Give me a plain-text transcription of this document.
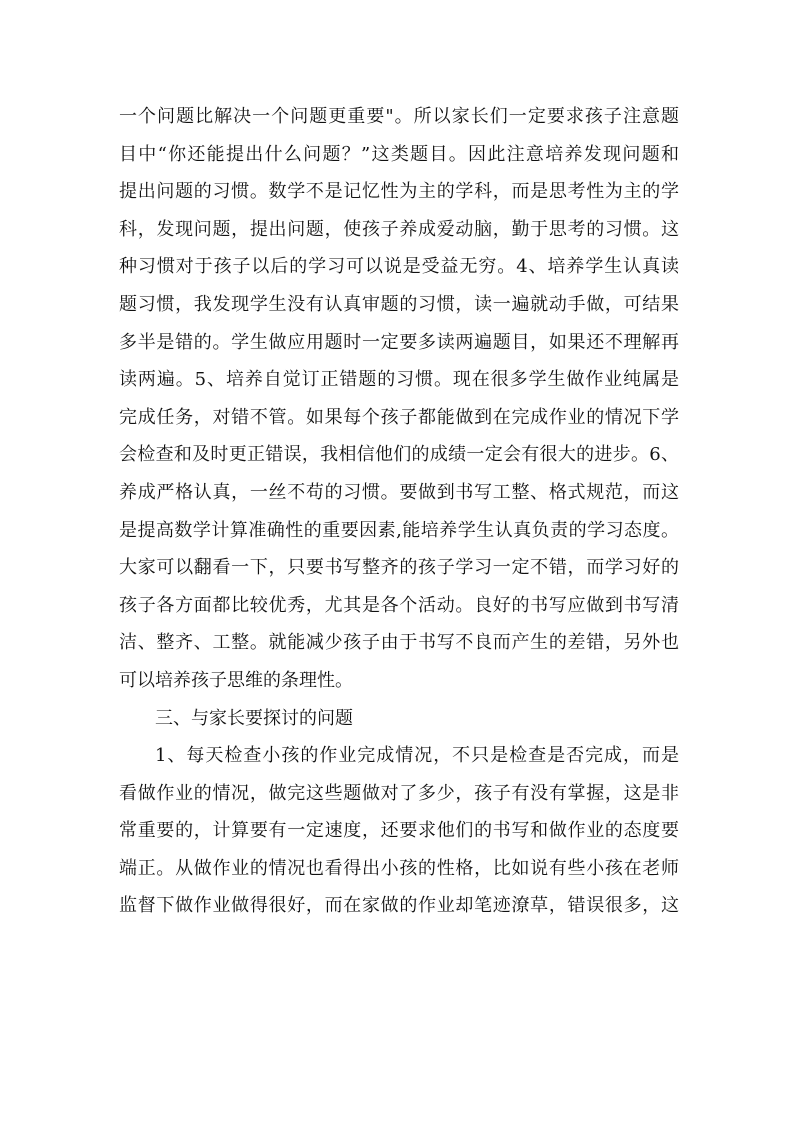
一个问题比解决一个问题更重要"。所以家长们一定要求孩子注意题
目中“你还能提出什么问题？”这类题目。因此注意培养发现问题和
提出问题的习惯。数学不是记忆性为主的学科，而是思考性为主的学
科，发现问题，提出问题，使孩子养成爱动脑，勤于思考的习惯。这
种习惯对于孩子以后的学习可以说是受益无穷。4、培养学生认真读
题习惯，我发现学生没有认真审题的习惯，读一遍就动手做，可结果
多半是错的。学生做应用题时一定要多读两遍题目，如果还不理解再
读两遍。5、培养自觉订正错题的习惯。现在很多学生做作业纯属是
完成任务，对错不管。如果每个孩子都能做到在完成作业的情况下学
会检查和及时更正错误，我相信他们的成绩一定会有很大的进步。6、
养成严格认真，一丝不苟的习惯。要做到书写工整、格式规范，而这
是提高数学计算准确性的重要因素,能培养学生认真负责的学习态度。
大家可以翻看一下，只要书写整齐的孩子学习一定不错，而学习好的
孩子各方面都比较优秀，尤其是各个活动。良好的书写应做到书写清
洁、整齐、工整。就能减少孩子由于书写不良而产生的差错，另外也
可以培养孩子思维的条理性。
三、与家长要探讨的问题
1、每天检查小孩的作业完成情况，不只是检查是否完成，而是
看做作业的情况，做完这些题做对了多少，孩子有没有掌握，这是非
常重要的，计算要有一定速度，还要求他们的书写和做作业的态度要
端正。从做作业的情况也看得出小孩的性格，比如说有些小孩在老师
监督下做作业做得很好，而在家做的作业却笔迹潦草，错误很多，这
